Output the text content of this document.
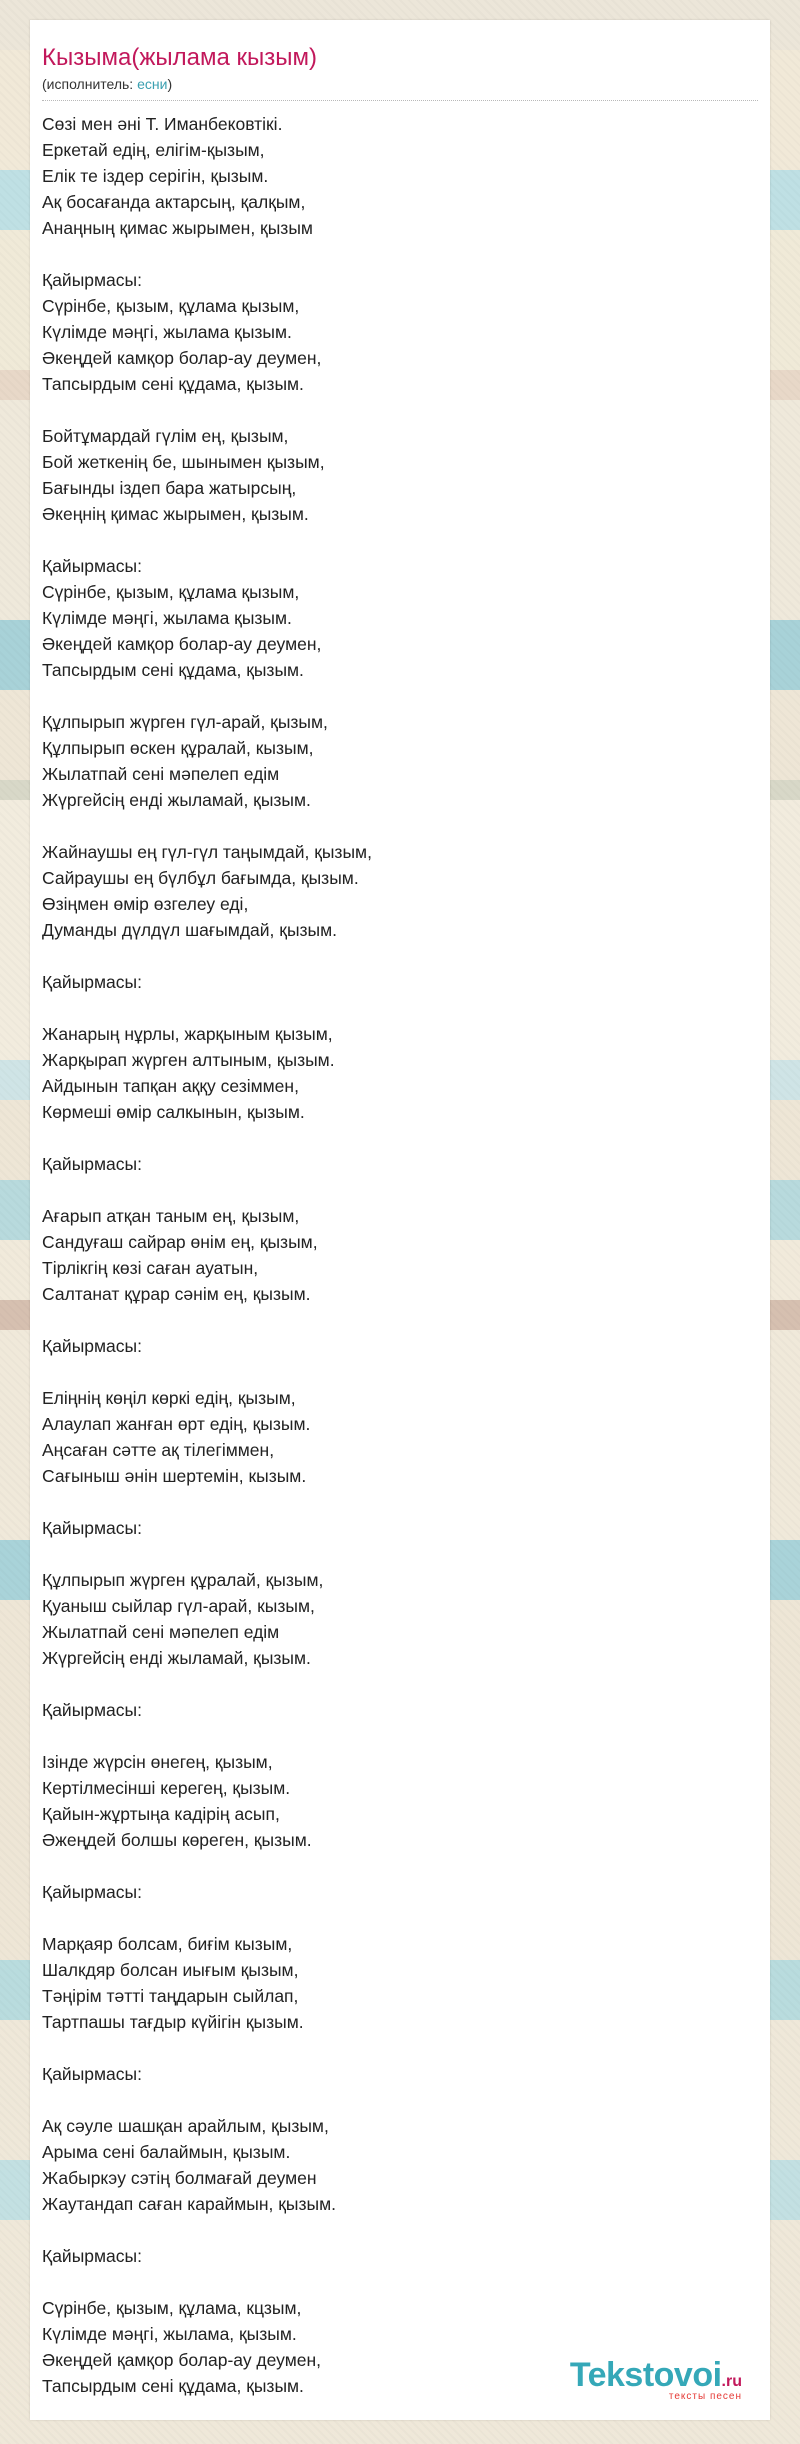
Кызыма(жылама кызым)
(исполнитель: есни)
Сөзі мен әні Т. Иманбековтікі.
Еркетай едің, елігім-қызым,
Елік те іздер серігін, қызым.
Ақ босағанда актарсың, қалқым,
Анаңның қимас жырымен, қызым
Қайырмасы:
Сүрінбе, қызым, құлама қызым,
Күлімде мәңгі, жылама қызым.
Әкеңдей камқор болар-ау деумен,
Тапсырдым сені құдама, қызым.
Бойтұмардай гүлім ең, қызым,
Бой жеткенің бе, шынымен қызым,
Бағынды іздеп бара жатырсың,
Әкеңнің қимас жырымен, қызым.
Қайырмасы:
Сүрінбе, қызым, құлама қызым,
Күлімде мәңгі, жылама қызым.
Әкеңдей камқор болар-ау деумен,
Тапсырдым сені құдама, қызым.
Құлпырып жүрген гүл-арай, қызым,
Құлпырып өскен құралай, кызым,
Жылатпай сені мәпелеп едім
Жүргейсің енді жыламай, қызым.
Жайнаушы ең гүл-гүл таңымдай, қызым,
Сайраушы ең бүлбұл бағымда, қызым.
Өзіңмен өмір өзгелеу еді,
Думанды дүлдүл шағымдай, қызым.
Қайырмасы:
Жанарың нұрлы, жарқыным қызым,
Жарқырап жүрген алтыным, қызым.
Айдынын тапқан аққу сезіммен,
Көрмеші өмір салкынын, қызым.
Қайырмасы:
Ағарып атқан таным ең, қызым,
Сандуғаш сайрар өнім ең, қызым,
Тірлікгің көзі саған ауатын,
Салтанат құрар сәнім ең, қызым.
Қайырмасы:
Еліңнің көңіл көркі едің, қызым,
Алаулап жанған өрт едің, қызым.
Аңсаған сәтте ақ тілегіммен,
Сағыныш әнін шертемін, кызым.
Қайырмасы:
Құлпырып жүрген құралай, қызым,
Қуаныш сыйлар гүл-арай, кызым,
Жылатпай сені мәпелеп едім
Жүргейсің енді жыламай, қызым.
Қайырмасы:
Ізінде жүрсін өнегең, қызым,
Кертілмесінші керегең, қызым.
Қайын-жұртыңа кадірің асып,
Әжеңдей болшы көреген, қызым.
Қайырмасы:
Марқаяр болсам, биғім кызым,
Шалкдяр болсан иығым қызым,
Тәңірім тәтті таңдарын сыйлап,
Тартпашы тағдыр күйігін қызым.
Қайырмасы:
Ақ сәуле шашқан арайлым, қызым,
Арыма сені балаймын, қызым.
Жабыркэу сэтің болмағай деумен
Жаутандап саған караймын, қызым.
Қайырмасы:
Сүрінбе, қызым, құлама, кцзым,
Күлімде мәңгі, жылама, қызым.
Әкеңдей қамқор болар-ау деумен,
Тапсырдым сені құдама, қызым.	Tekstovoi.ru
тексты песен
